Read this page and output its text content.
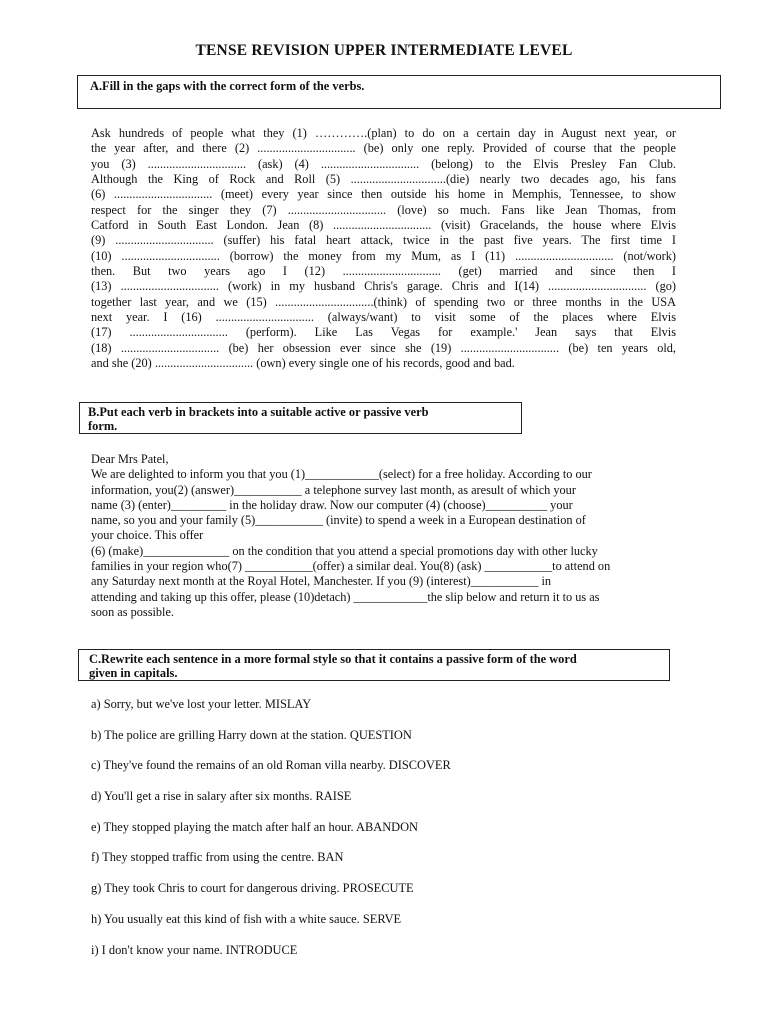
TENSE REVISION UPPER INTERMEDIATE LEVEL
A.Fill in the gaps with the correct form of the verbs.
Ask hundreds of people what they (1) ………….(plan) to do on a certain day in August next year, or
the year after, and there (2) ................................ (be) only one reply. Provided of course that the people
you (3) ................................ (ask) (4) ................................ (belong) to the Elvis Presley Fan Club.
Although the King of Rock and Roll (5) ...............................(die) nearly two decades ago, his fans
(6) ................................ (meet) every year since then outside his home in Memphis, Tennessee, to show
respect for the singer they (7) ................................ (love) so much. Fans like Jean Thomas, from
Catford in South East London. Jean (8) ................................ (visit) Gracelands, the house where Elvis
(9) ................................ (suffer) his fatal heart attack, twice in the past five years. The first time I
(10) ................................ (borrow) the money from my Mum, as I (11) ................................ (not/work)
then. But two years ago I (12) ................................ (get) married and since then I
(13) ................................ (work) in my husband Chris's garage. Chris and I(14) ................................ (go)
together last year, and we (15) ................................(think) of spending two or three months in the USA
next year. I (16) ................................ (always/want) to visit some of the places where Elvis
(17) ................................ (perform). Like Las Vegas for example.' Jean says that Elvis
(18) ................................ (be) her obsession ever since she (19) ................................ (be) ten years old,
and she (20) ................................ (own) every single one of his records, good and bad.
B.Put each verb in brackets into a suitable active or passive verb
form.
Dear Mrs Patel,
We are delighted to inform you that you (1)____________(select) for a free holiday. According to our
information, you(2) (answer)___________ a telephone survey last month, as aresult of which your
name (3) (enter)_________ in the holiday draw. Now our computer (4) (choose)__________ your
name, so you and your family (5)___________ (invite) to spend a week in a European destination of
your choice. This offer
(6) (make)______________ on the condition that you attend a special promotions day with other lucky
families in your region who(7) ___________(offer) a similar deal. You(8) (ask) ___________to attend on
any Saturday next month at the Royal Hotel, Manchester. If you (9) (interest)___________ in
attending and taking up this offer, please (10)detach) ____________the slip below and return it to us as
soon as possible.
C.Rewrite each sentence in a more formal style so that it contains a passive form of the word
given in capitals.
a) Sorry, but we've lost your letter. MISLAY
b) The police are grilling Harry down at the station. QUESTION
c) They've found the remains of an old Roman villa nearby. DISCOVER
d) You'll get a rise in salary after six months. RAISE
e) They stopped playing the match after half an hour. ABANDON
f) They stopped traffic from using the centre. BAN
g) They took Chris to court for dangerous driving. PROSECUTE
h) You usually eat this kind of fish with a white sauce. SERVE
i) I don't know your name. INTRODUCE
